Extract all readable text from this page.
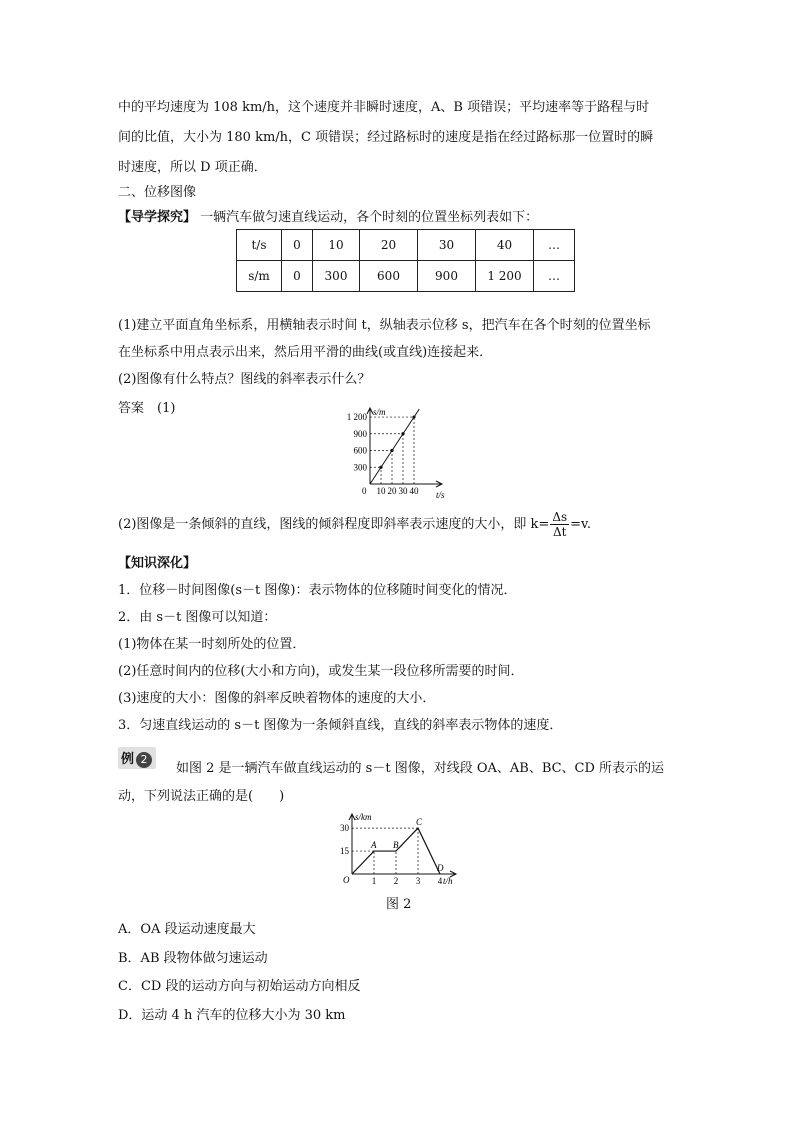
中的平均速度为 108 km/h，这个速度并非瞬时速度，A、B 项错误；平均速率等于路程与时
间的比值，大小为 180 km/h，C 项错误；经过路标时的速度是指在经过路标那一位置时的瞬
时速度，所以 D 项正确．
二、位移图像
【导学探究】 一辆汽车做匀速直线运动，各个时刻的位置坐标列表如下：
t/s	0	10	20	30	40	…
s/m	0	300	600	900	1 200	…
(1)建立平面直角坐标系，用横轴表示时间 t，纵轴表示位移 s，把汽车在各个时刻的位置坐标
在坐标系中用点表示出来，然后用平滑的曲线(或直线)连接起来．
(2)图像有什么特点？图线的斜率表示什么？
答案　(1)	s/m
t/s
0 10
300
20
600
30
900
40
1 200
(2)图像是一条倾斜的直线，图线的倾斜程度即斜率表示速度的大小，即 $k= \frac{\Delta s}{\Delta t} =v$.
【知识深化】
1．位移－时间图像(s－t 图像)：表示物体的位移随时间变化的情况．
2．由 s－t 图像可以知道：
(1)物体在某一时刻所处的位置．
(2)任意时间内的位移(大小和方向)，或发生某一段位移所需要的时间．
(3)速度的大小：图像的斜率反映着物体的速度的大小．
3．匀速直线运动的 s－t 图像为一条倾斜直线，直线的斜率表示物体的速度．
例 2
如图 2 是一辆汽车做直线运动的 s－t 图像，对线段 OA、AB、BC、CD 所表示的运
动，下列说法正确的是(　　)
s/km
t/h
1 2 3 4
15
30
O
A B
C
D
图 2
A．OA 段运动速度最大
B．AB 段物体做匀速运动
C．CD 段的运动方向与初始运动方向相反
D．运动 4 h 汽车的位移大小为 30 km
